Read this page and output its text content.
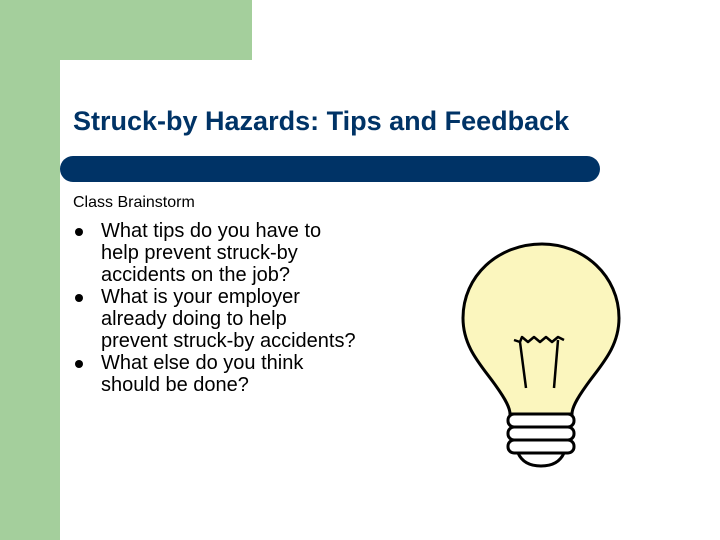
Struck-by Hazards: Tips and Feedback
Class Brainstorm
What tips do you have to help prevent struck-by accidents on the job?
What is your employer already doing to help prevent struck-by accidents?
What else do you think should be done?
